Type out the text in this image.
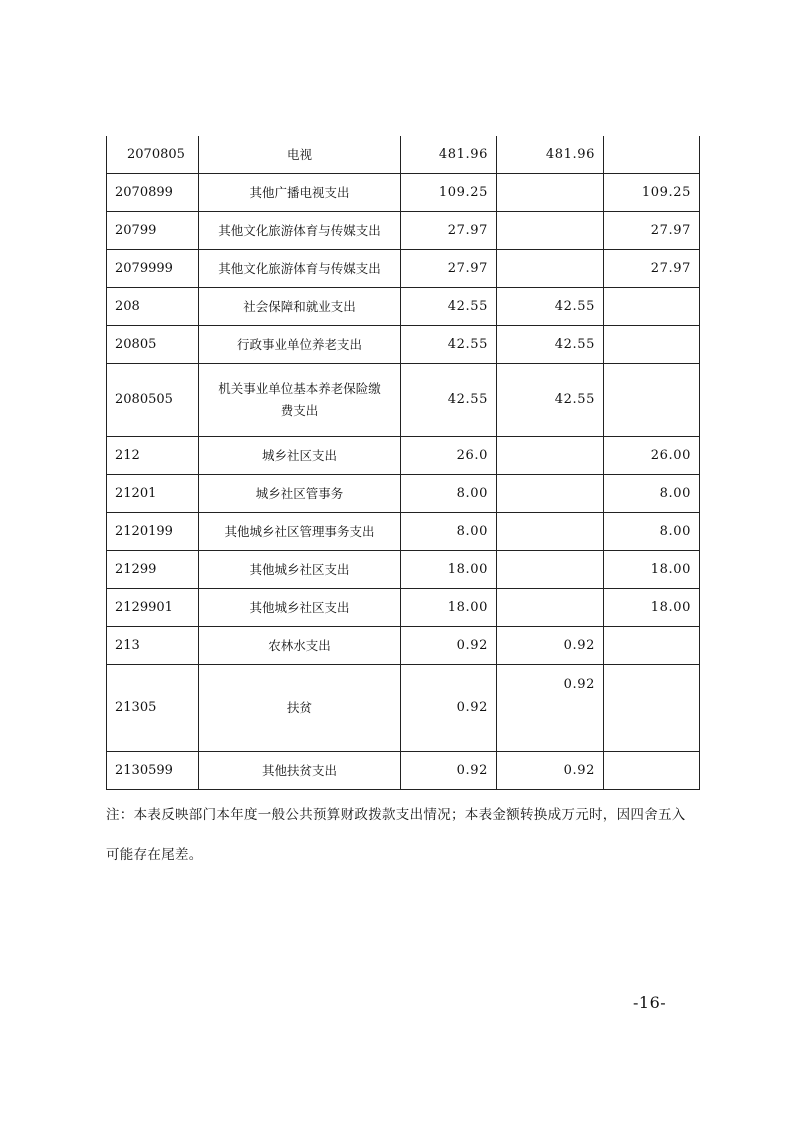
2070805	电视	481.96	481.96	
2070899	其他广播电视支出	109.25		109.25
20799	其他文化旅游体育与传媒支出	27.97		27.97
2079999	其他文化旅游体育与传媒支出	27.97		27.97
208	社会保障和就业支出	42.55	42.55	
20805	行政事业单位养老支出	42.55	42.55	
2080505	机关事业单位基本养老保险缴费支出	42.55	42.55	
212	城乡社区支出	26.0		26.00
21201	城乡社区管事务	8.00		8.00
2120199	其他城乡社区管理事务支出	8.00		8.00
21299	其他城乡社区支出	18.00		18.00
2129901	其他城乡社区支出	18.00		18.00
213	农林水支出	0.92	0.92	
21305	扶贫	0.92	0.92	
2130599	其他扶贫支出	0.92	0.92	
注：本表反映部门本年度一般公共预算财政拨款支出情况；本表金额转换成万元时，因四舍五入可能存在尾差。
-16-
